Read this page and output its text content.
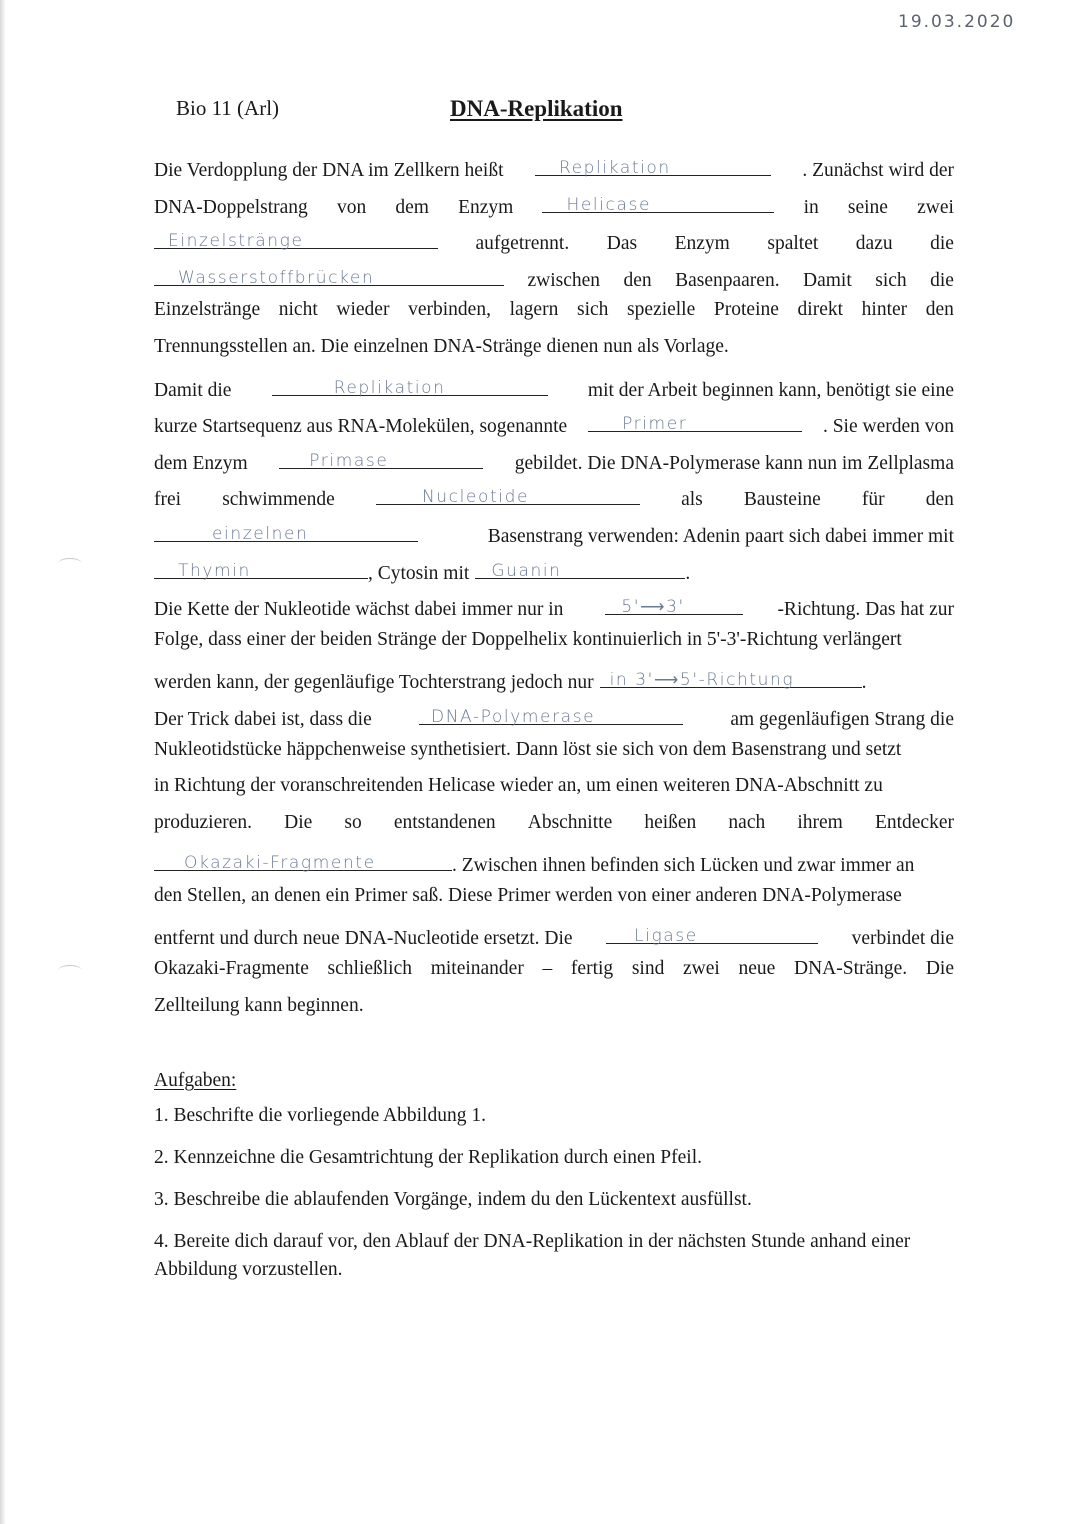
19.03.2020
Bio 11 (Arl)	DNA-Replikation
Die Verdopplung der DNA im Zellkern heißt	Replikation	. Zunächst wird der
DNA-Doppelstrang von dem Enzym	Helicase	in seine zwei
Einzelstränge	aufgetrennt. Das Enzym spaltet dazu die
Wasserstoffbrücken	zwischen den Basenpaaren. Damit sich die
Einzelstränge nicht wieder verbinden, lagern sich spezielle Proteine direkt hinter den
Trennungsstellen an. Die einzelnen DNA-Stränge dienen nun als Vorlage.
Damit die	Replikation	mit der Arbeit beginnen kann, benötigt sie eine
kurze Startsequenz aus RNA-Molekülen, sogenannte	Primer	. Sie werden von
dem Enzym	Primase	gebildet. Die DNA-Polymerase kann nun im Zellplasma
frei schwimmende	Nucleotide	als Bausteine für den
einzelnen	Basenstrang verwenden: Adenin paart sich dabei immer mit
Thymin	, Cytosin mit Guanin	.
Die Kette der Nukleotide wächst dabei immer nur in	5'⟶3'	-Richtung. Das hat zur
Folge, dass einer der beiden Stränge der Doppelhelix kontinuierlich in 5'-3'-Richtung verlängert
werden kann, der gegenläufige Tochterstrang jedoch nur in 3'⟶5'-Richtung	.
Der Trick dabei ist, dass die	DNA-Polymerase	am gegenläufigen Strang die
Nukleotidstücke häppchenweise synthetisiert. Dann löst sie sich von dem Basenstrang und setzt
in Richtung der voranschreitenden Helicase wieder an, um einen weiteren DNA-Abschnitt zu
produzieren. Die so entstandenen Abschnitte heißen nach ihrem Entdecker
Okazaki-Fragmente	. Zwischen ihnen befinden sich Lücken und zwar immer an
den Stellen, an denen ein Primer saß. Diese Primer werden von einer anderen DNA-Polymerase
entfernt und durch neue DNA-Nucleotide ersetzt. Die	Ligase	verbindet die
Okazaki-Fragmente schließlich miteinander – fertig sind zwei neue DNA-Stränge. Die
Zellteilung kann beginnen.
Aufgaben:
1. Beschrifte die vorliegende Abbildung 1.
2. Kennzeichne die Gesamtrichtung der Replikation durch einen Pfeil.
3. Beschreibe die ablaufenden Vorgänge, indem du den Lückentext ausfüllst.
4. Bereite dich darauf vor, den Ablauf der DNA-Replikation in der nächsten Stunde anhand einer Abbildung vorzustellen.
